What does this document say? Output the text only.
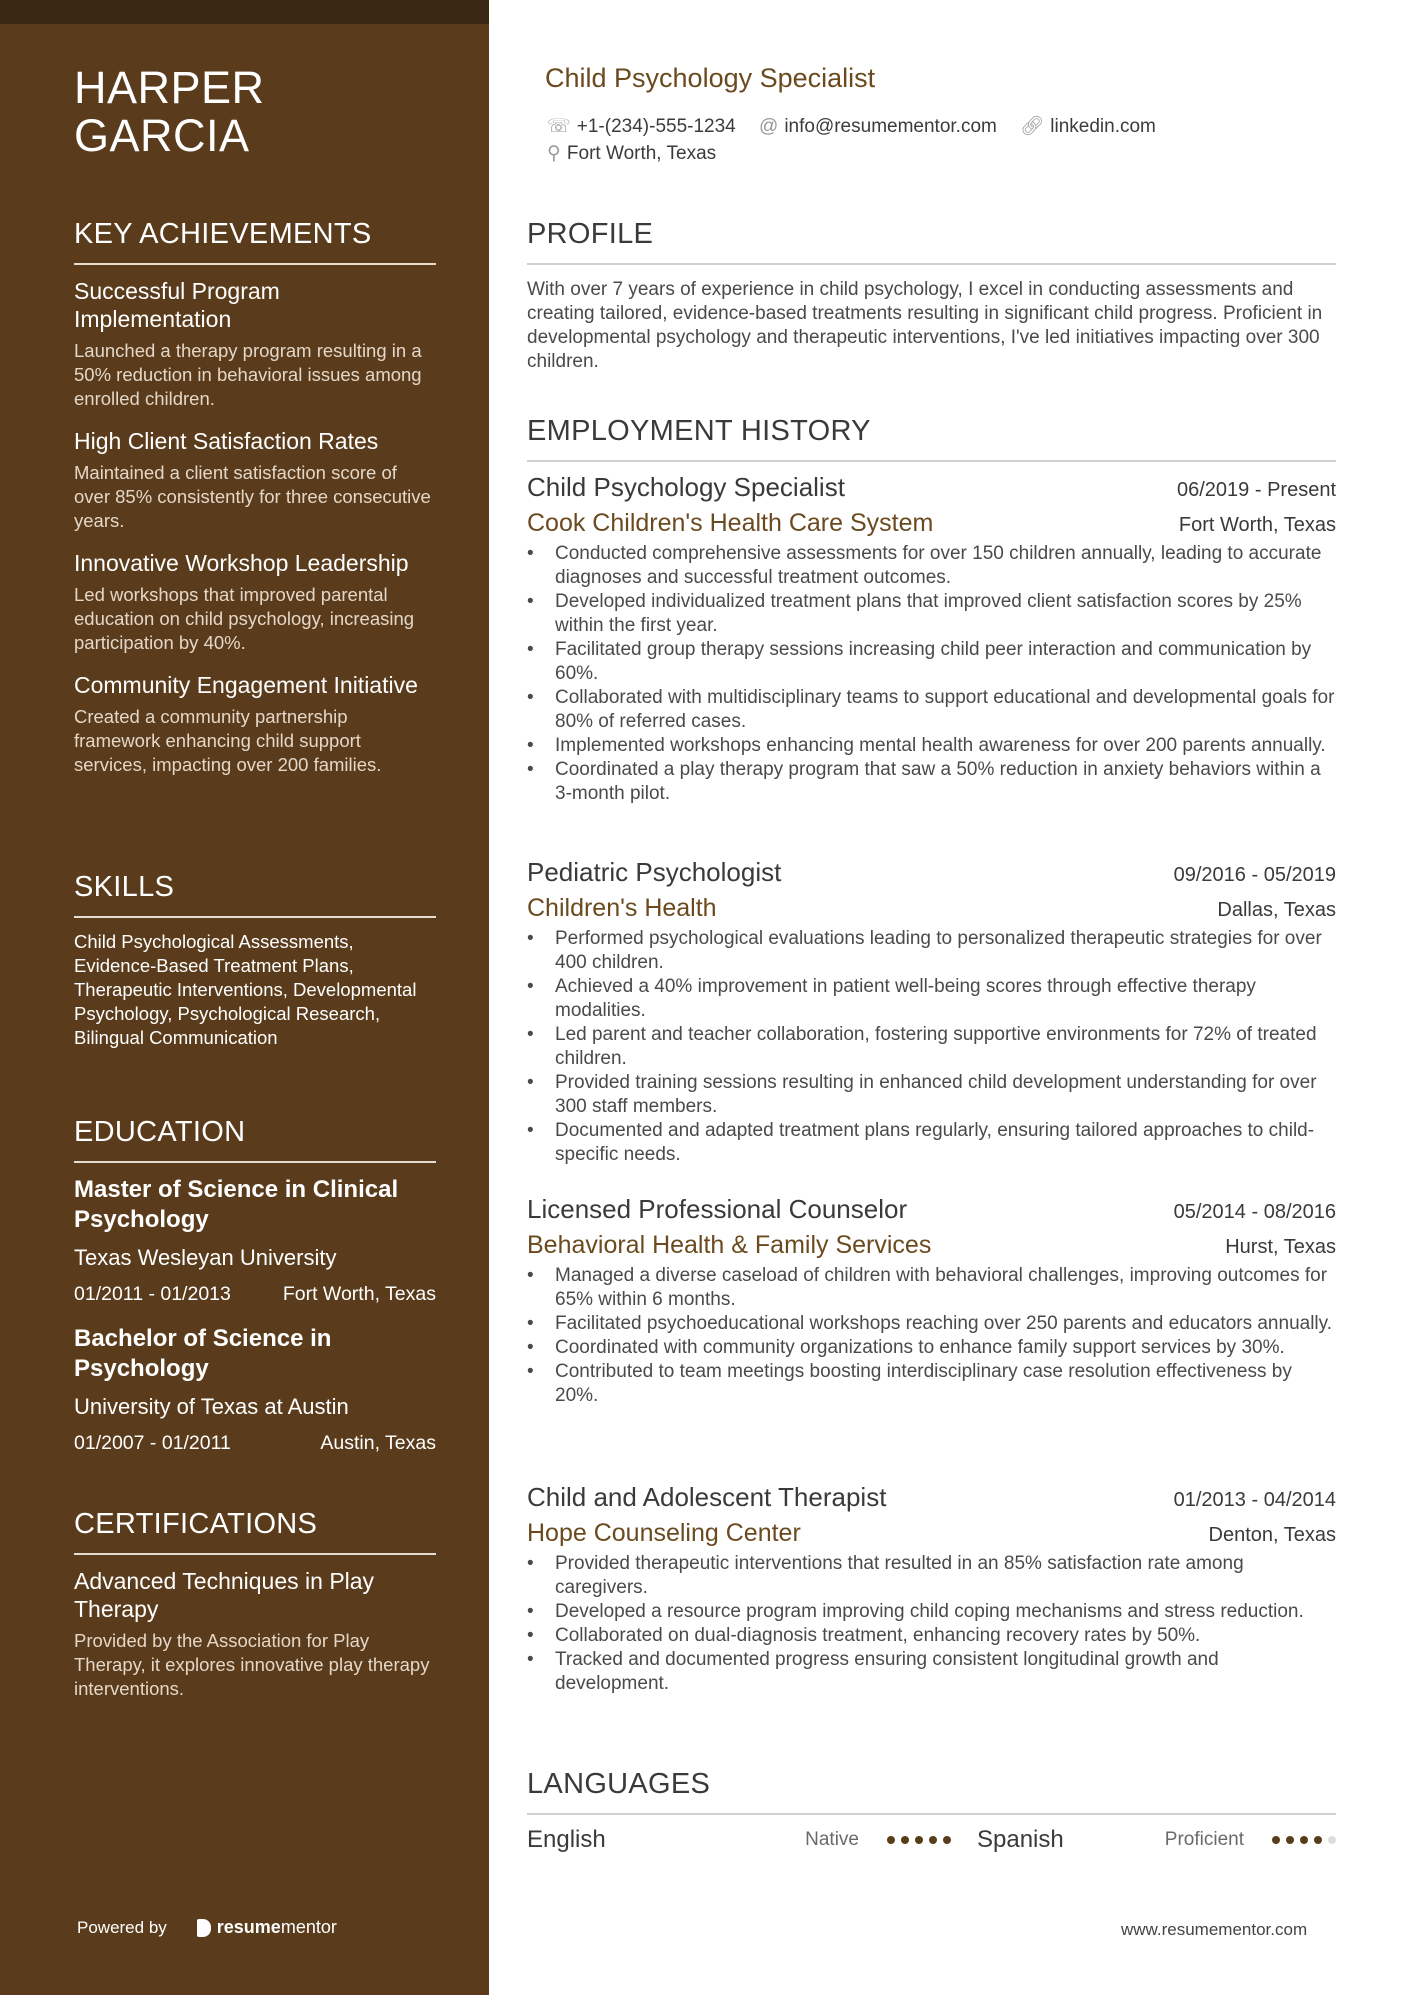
HARPER
GARCIA
KEY ACHIEVEMENTS
Successful Program Implementation
Launched a therapy program resulting in a 50% reduction in behavioral issues among enrolled children.
High Client Satisfaction Rates
Maintained a client satisfaction score of over 85% consistently for three consecutive years.
Innovative Workshop Leadership
Led workshops that improved parental education on child psychology, increasing participation by 40%.
Community Engagement Initiative
Created a community partnership framework enhancing child support services, impacting over 200 families.
SKILLS
Child Psychological Assessments, Evidence-Based Treatment Plans, Therapeutic Interventions, Developmental Psychology, Psychological Research, Bilingual Communication
EDUCATION
Master of Science in Clinical Psychology
Texas Wesleyan University
01/2011 - 01/2013	Fort Worth, Texas
Bachelor of Science in Psychology
University of Texas at Austin
01/2007 - 01/2011	Austin, Texas
CERTIFICATIONS
Advanced Techniques in Play Therapy
Provided by the Association for Play Therapy, it explores innovative play therapy interventions.
Powered by	resumementor
Child Psychology Specialist
☏ +1-(234)-555-1234
@ info@resumementor.com
🔗︎ linkedin.com
⚲ Fort Worth, Texas
PROFILE
With over 7 years of experience in child psychology, I excel in conducting assessments and creating tailored, evidence-based treatments resulting in significant child progress. Proficient in developmental psychology and therapeutic interventions, I've led initiatives impacting over 300 children.
EMPLOYMENT HISTORY
Child Psychology Specialist	06/2019 - Present
Cook Children's Health Care System	Fort Worth, Texas
• Conducted comprehensive assessments for over 150 children annually, leading to accurate diagnoses and successful treatment outcomes.
• Developed individualized treatment plans that improved client satisfaction scores by 25% within the first year.
• Facilitated group therapy sessions increasing child peer interaction and communication by 60%.
• Collaborated with multidisciplinary teams to support educational and developmental goals for 80% of referred cases.
• Implemented workshops enhancing mental health awareness for over 200 parents annually.
• Coordinated a play therapy program that saw a 50% reduction in anxiety behaviors within a 3-month pilot.
Pediatric Psychologist	09/2016 - 05/2019
Children's Health	Dallas, Texas
• Performed psychological evaluations leading to personalized therapeutic strategies for over 400 children.
• Achieved a 40% improvement in patient well-being scores through effective therapy modalities.
• Led parent and teacher collaboration, fostering supportive environments for 72% of treated children.
• Provided training sessions resulting in enhanced child development understanding for over 300 staff members.
• Documented and adapted treatment plans regularly, ensuring tailored approaches to child-specific needs.
Licensed Professional Counselor	05/2014 - 08/2016
Behavioral Health & Family Services	Hurst, Texas
• Managed a diverse caseload of children with behavioral challenges, improving outcomes for 65% within 6 months.
• Facilitated psychoeducational workshops reaching over 250 parents and educators annually.
• Coordinated with community organizations to enhance family support services by 30%.
• Contributed to team meetings boosting interdisciplinary case resolution effectiveness by 20%.
Child and Adolescent Therapist	01/2013 - 04/2014
Hope Counseling Center	Denton, Texas
• Provided therapeutic interventions that resulted in an 85% satisfaction rate among caregivers.
• Developed a resource program improving child coping mechanisms and stress reduction.
• Collaborated on dual-diagnosis treatment, enhancing recovery rates by 50%.
• Tracked and documented progress ensuring consistent longitudinal growth and development.
LANGUAGES
English	Native	Spanish	Proficient
www.resumementor.com
